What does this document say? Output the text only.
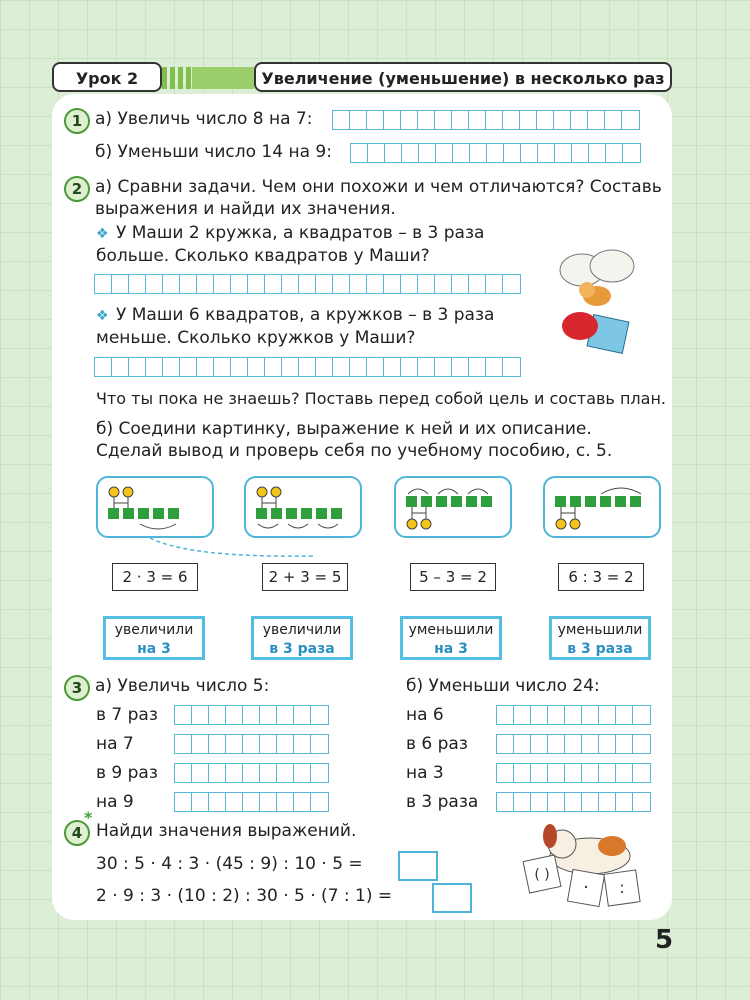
Урок 2	Увеличение (уменьшение) в несколько раз
1 а) Увеличь число 8 на 7:
б) Уменьши число 14 на 9:
2 а) Сравни задачи. Чем они похожи и чем отличаются? Составь
выражения и найди их значения.
❖ У Маши 2 кружка, а квадратов – в 3 раза
больше. Сколько квадратов у Маши?
❖ У Маши 6 квадратов, а кружков – в 3 раза
меньше. Сколько кружков у Маши?
Что ты пока не знаешь? Поставь перед собой цель и составь план.
б) Соедини картинку, выражение к ней и их описание.
Сделай вывод и проверь себя по учебному пособию, с. 5.
2 · 3 = 6	2 + 3 = 5	5 – 3 = 2	6 : 3 = 2
увеличили
на 3
увеличили
в 3 раза
уменьшили
на 3
уменьшили
в 3 раза
3 а) Увеличь число 5:	б) Уменьши число 24:
в 7 раз
на 7
в 9 раз
на 9
на 6
в 6 раз
на 3
в 3 раза
4
*
Найди значения выражений.
30 : 5 · 4 : 3 · (45 : 9) : 10 · 5 =
2 · 9 : 3 · (10 : 2) : 30 · 5 · (7 : 1) =
( )
· :
5
